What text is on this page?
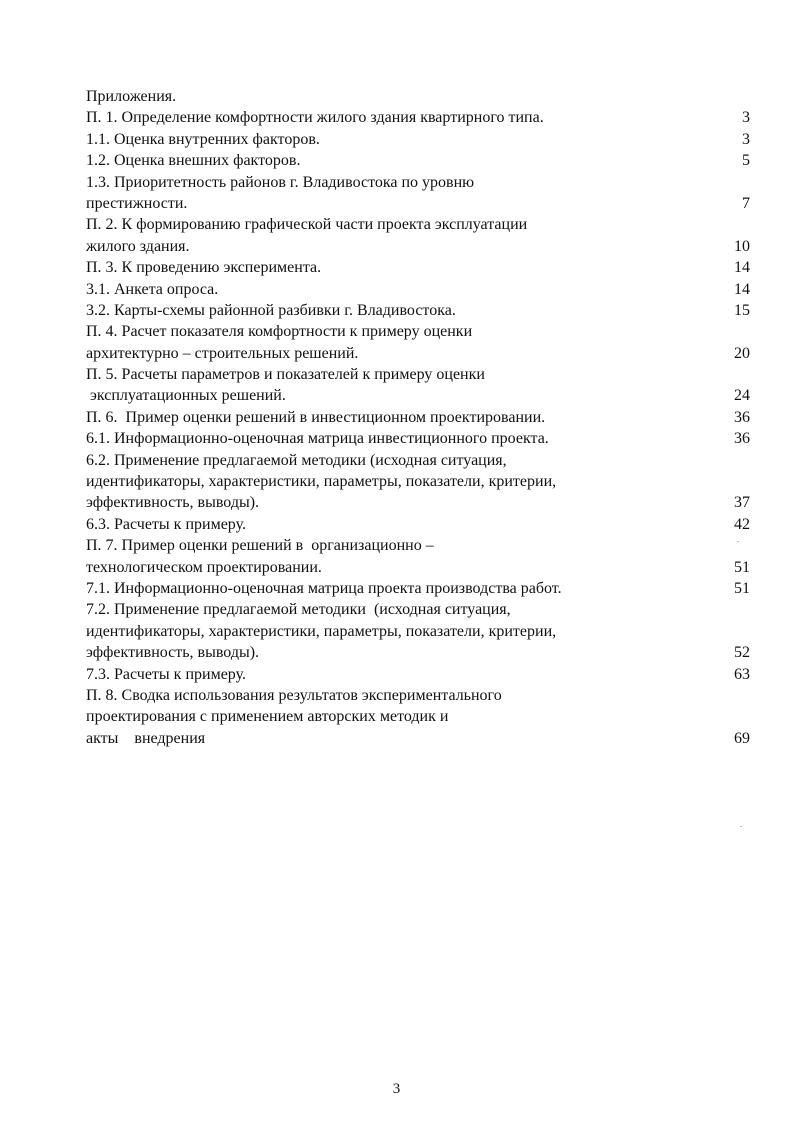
Приложения.
П. 1. Определение комфортности жилого здания квартирного типа.	3
1.1. Оценка внутренних факторов.	3
1.2. Оценка внешних факторов.	5
1.3. Приоритетность районов г. Владивостока по уровню
престижности.	7
П. 2. К формированию графической части проекта эксплуатации
жилого здания.	10
П. 3. К проведению эксперимента.	14
3.1. Анкета опроса.	14
3.2. Карты-схемы районной разбивки г. Владивостока.	15
П. 4. Расчет показателя комфортности к примеру оценки
архитектурно – строительных решений.	20
П. 5. Расчеты параметров и показателей к примеру оценки
эксплуатационных решений.	24
П. 6.  Пример оценки решений в инвестиционном проектировании.	36
6.1. Информационно-оценочная матрица инвестиционного проекта.	36
6.2. Применение предлагаемой методики (исходная ситуация,
идентификаторы, характеристики, параметры, показатели, критерии,
эффективность, выводы).	37
6.3. Расчеты к примеру.	42
П. 7. Пример оценки решений в  организационно –
технологическом проектировании.	51
7.1. Информационно-оценочная матрица проекта производства работ.	51
7.2. Применение предлагаемой методики  (исходная ситуация,
идентификаторы, характеристики, параметры, показатели, критерии,
эффективность, выводы).	52
7.3. Расчеты к примеру.	63
П. 8. Сводка использования результатов экспериментального
проектирования с применением авторских методик и
акты    внедрения	69
3
